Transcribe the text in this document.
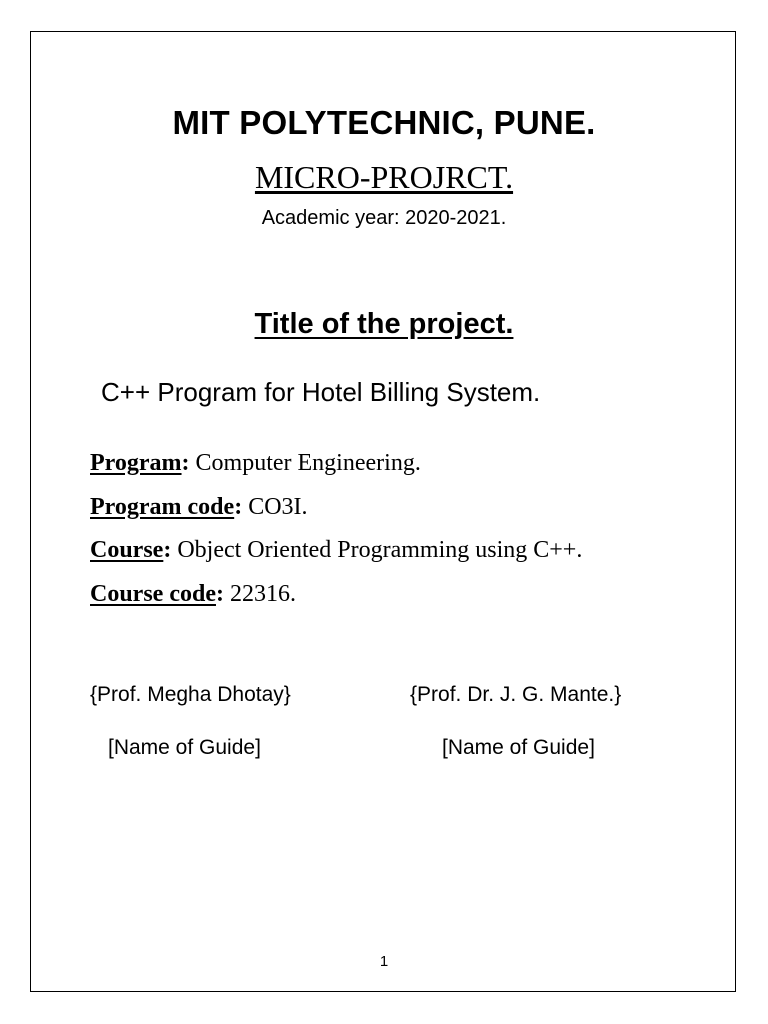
MIT POLYTECHNIC, PUNE.
MICRO-PROJRCT.
Academic year: 2020-2021.
Title of the project.
C++ Program for Hotel Billing System.
Program: Computer Engineering.
Program code: CO3I.
Course: Object Oriented Programming using C++.
Course code: 22316.
{Prof. Megha Dhotay}	{Prof. Dr. J. G. Mante.}
[Name of Guide]	[Name of Guide]
1
